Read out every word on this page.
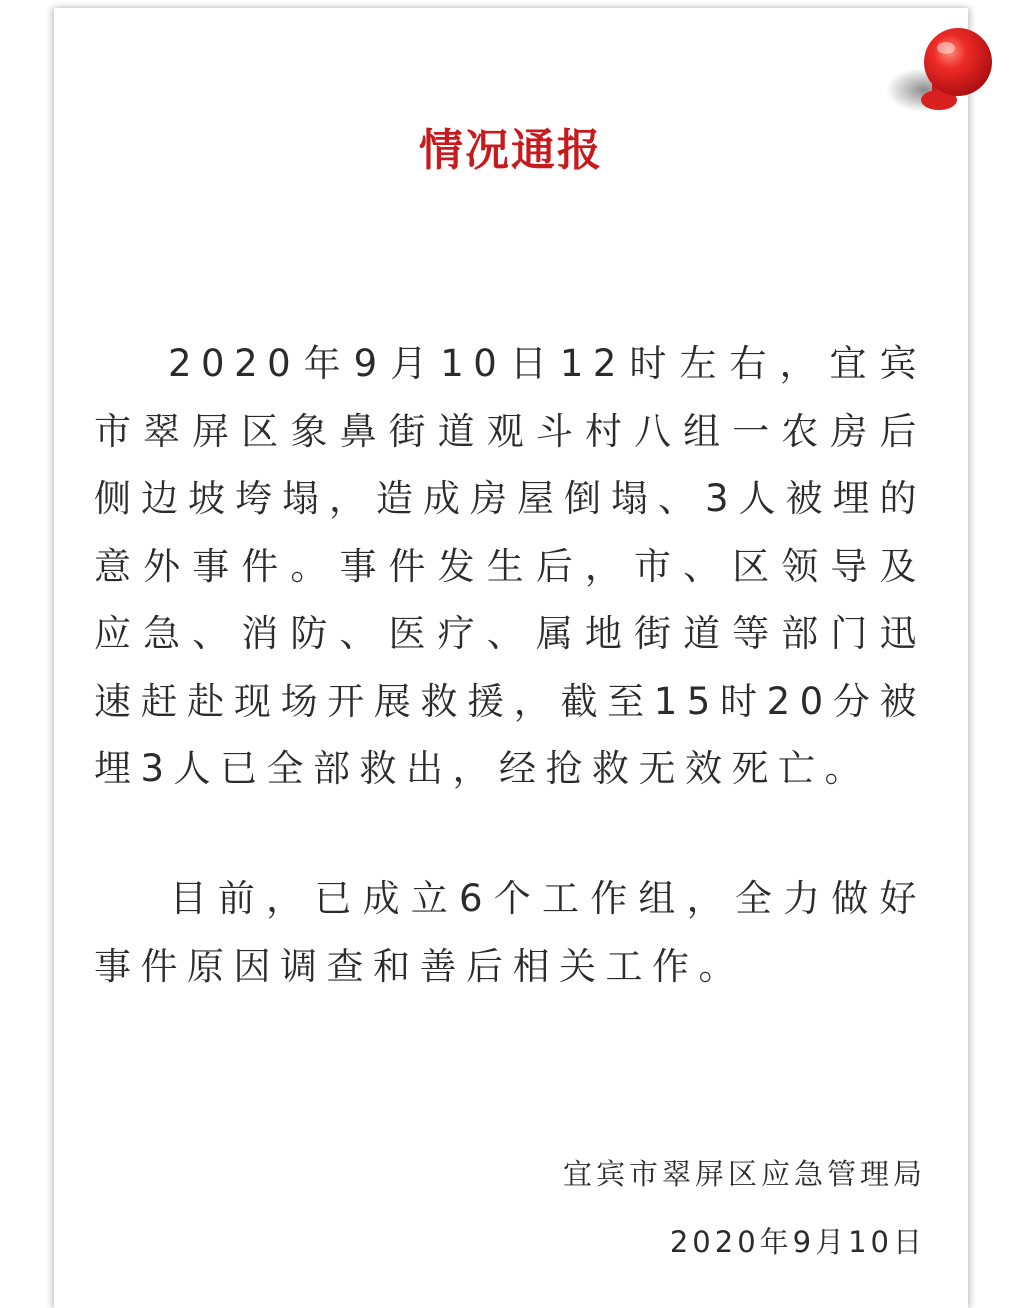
情况通报
2020年9月10日12时左右，宜宾市翠屏区象鼻街道观斗村八组一农房后侧边坡垮塌，造成房屋倒塌、3人被埋的意外事件。事件发生后，市、区领导及应急、消防、医疗、属地街道等部门迅速赶赴现场开展救援，截至15时20分被埋3人已全部救出，经抢救无效死亡。
目前，已成立6个工作组，全力做好事件原因调查和善后相关工作。
宜宾市翠屏区应急管理局
2020年9月10日
